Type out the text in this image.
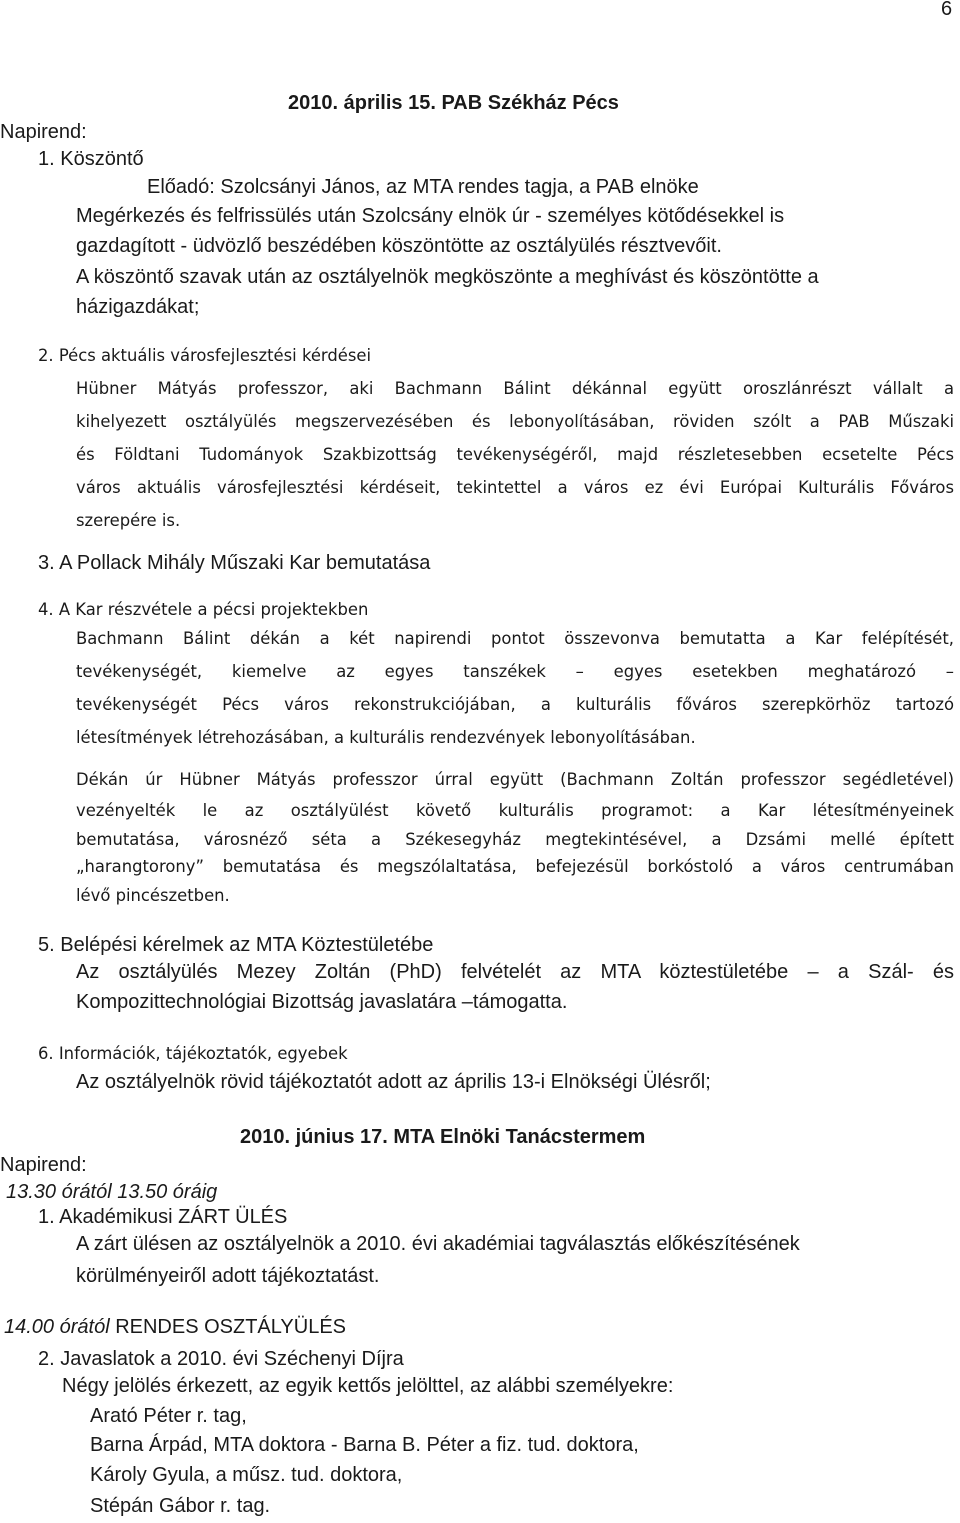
6
2010. április 15. PAB Székház Pécs
Napirend:
1. Köszöntő
Előadó: Szolcsányi János, az MTA rendes tagja, a PAB elnöke
Megérkezés és felfrissülés után Szolcsány elnök úr - személyes kötődésekkel is
gazdagított - üdvözlő beszédében köszöntötte az osztályülés résztvevőit.
A köszöntő szavak után az osztályelnök megköszönte a meghívást és köszöntötte a
házigazdákat;
2. Pécs aktuális városfejlesztési kérdései
Hübner Mátyás professzor, aki Bachmann Bálint dékánnal együtt oroszlánrészt vállalt a
kihelyezett osztályülés megszervezésében és lebonyolításában, röviden szólt a PAB Műszaki
és Földtani Tudományok Szakbizottság tevékenységéről, majd részletesebben ecsetelte Pécs
város aktuális városfejlesztési kérdéseit, tekintettel a város ez évi Európai Kulturális Főváros
szerepére is.
3. A Pollack Mihály Műszaki Kar bemutatása
4. A Kar részvétele a pécsi projektekben
Bachmann Bálint dékán a két napirendi pontot összevonva bemutatta a Kar felépítését,
tevékenységét, kiemelve az egyes tanszékek – egyes esetekben meghatározó –
tevékenységét Pécs város rekonstrukciójában, a kulturális főváros szerepkörhöz tartozó
létesítmények létrehozásában, a kulturális rendezvények lebonyolításában.
Dékán úr Hübner Mátyás professzor úrral együtt (Bachmann Zoltán professzor segédletével)
vezényelték le az osztályülést követő kulturális programot: a Kar létesítményeinek
bemutatása, városnéző séta a Székesegyház megtekintésével, a Dzsámi mellé épített
„harangtorony” bemutatása és megszólaltatása, befejezésül borkóstoló a város centrumában
lévő pincészetben.
5. Belépési kérelmek az MTA Köztestületébe
Az osztályülés Mezey Zoltán (PhD) felvételét az MTA köztestületébe – a Szál- és
Kompozittechnológiai Bizottság javaslatára –támogatta.
6. Információk, tájékoztatók, egyebek
Az osztályelnök rövid tájékoztatót adott az április 13-i Elnökségi Ülésről;
2010. június 17. MTA Elnöki Tanácstermem
Napirend:
13.30 órától 13.50 óráig
1. Akadémikusi ZÁRT ÜLÉS
A zárt ülésen az osztályelnök a 2010. évi akadémiai tagválasztás előkészítésének
körülményeiről adott tájékoztatást.
14.00 órától RENDES OSZTÁLYÜLÉS
2. Javaslatok a 2010. évi Széchenyi Díjra
Négy jelölés érkezett, az egyik kettős jelölttel, az alábbi személyekre:
Arató Péter r. tag,
Barna Árpád, MTA doktora - Barna B. Péter a fiz. tud. doktora,
Károly Gyula, a műsz. tud. doktora,
Stépán Gábor r. tag.
